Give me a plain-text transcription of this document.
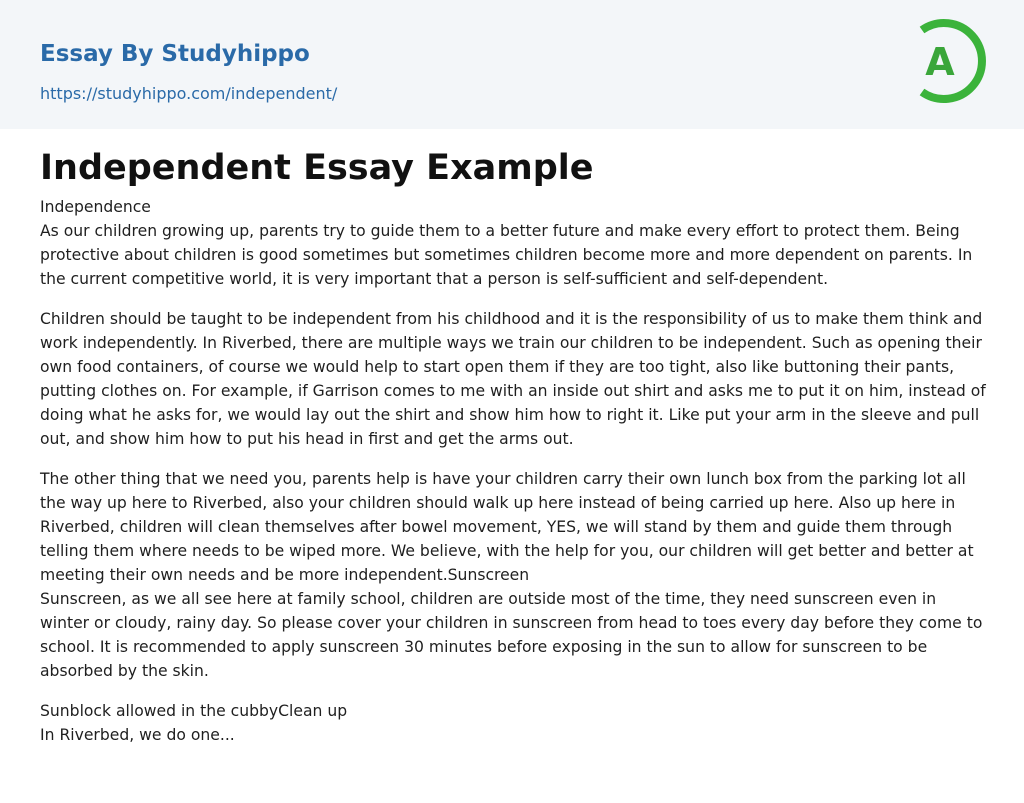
Essay By Studyhippo
https://studyhippo.com/independent/
A
Independent Essay Example

Independence
As our children growing up, parents try to guide them to a better future and make every effort to protect them. Being protective about children is good sometimes but sometimes children become more and more dependent on parents. In the current competitive world, it is very important that a person is self-sufficient and self-dependent.

Children should be taught to be independent from his childhood and it is the responsibility of us to make them think and work independently. In Riverbed, there are multiple ways we train our children to be independent. Such as opening their own food containers, of course we would help to start open them if they are too tight, also like buttoning their pants, putting clothes on. For example, if Garrison comes to me with an inside out shirt and asks me to put it on him, instead of doing what he asks for, we would lay out the shirt and show him how to right it. Like put your arm in the sleeve and pull out, and show him how to put his head in first and get the arms out.

The other thing that we need you, parents help is have your children carry their own lunch box from the parking lot all the way up here to Riverbed, also your children should walk up here instead of being carried up here. Also up here in Riverbed, children will clean themselves after bowel movement, YES, we will stand by them and guide them through telling them where needs to be wiped more. We believe, with the help for you, our children will get better and better at meeting their own needs and be more independent.Sunscreen
Sunscreen, as we all see here at family school, children are outside most of the time, they need sunscreen even in winter or cloudy, rainy day. So please cover your children in sunscreen from head to toes every day before they come to school. It is recommended to apply sunscreen 30 minutes before exposing in the sun to allow for sunscreen to be absorbed by the skin.

Sunblock allowed in the cubbyClean up
In Riverbed, we do one...
